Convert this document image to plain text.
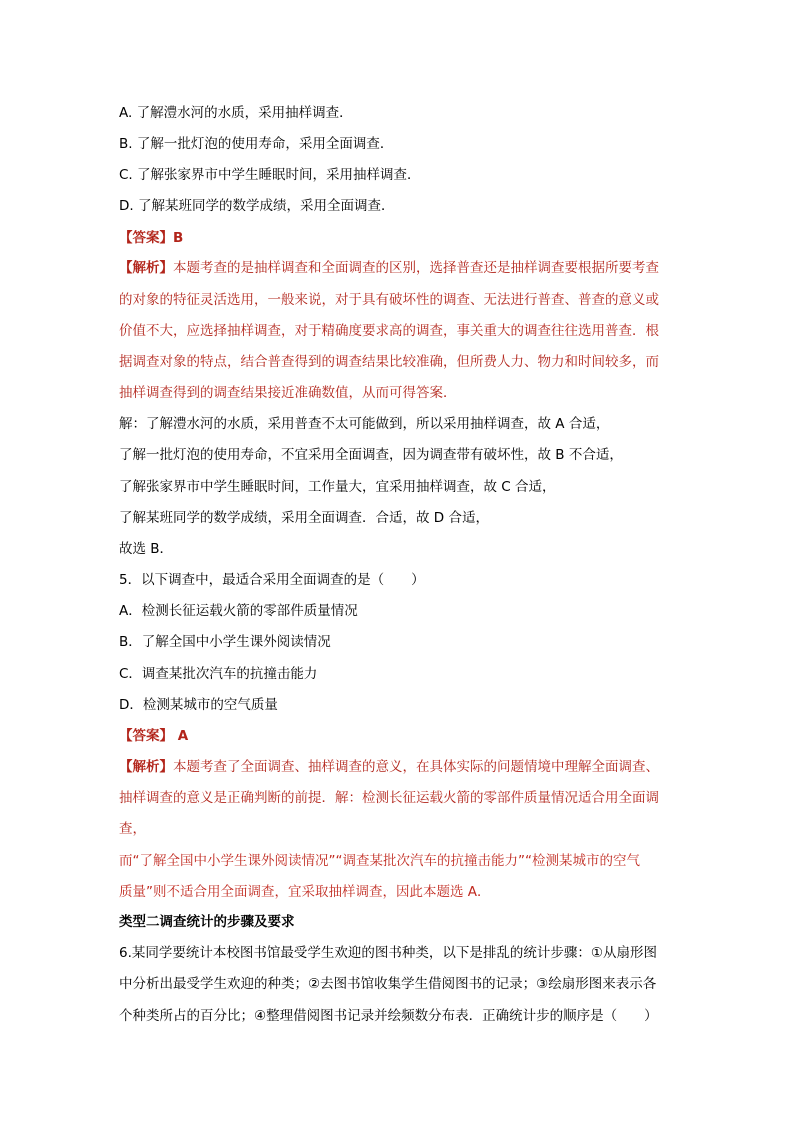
A. 了解澧水河的水质，采用抽样调查．
B. 了解一批灯泡的使用寿命，采用全面调查．
C. 了解张家界市中学生睡眠时间，采用抽样调查．
D. 了解某班同学的数学成绩，采用全面调查．
【答案】B
【解析】本题考查的是抽样调查和全面调查的区别，选择普查还是抽样调查要根据所要考查
的对象的特征灵活选用，一般来说，对于具有破坏性的调查、无法进行普查、普查的意义或
价值不大，应选择抽样调查，对于精确度要求高的调查，事关重大的调查往往选用普查．根
据调查对象的特点，结合普查得到的调查结果比较准确，但所费人力、物力和时间较多，而
抽样调查得到的调查结果接近准确数值，从而可得答案．
解：了解澧水河的水质，采用普查不太可能做到，所以采用抽样调查，故 A 合适，
了解一批灯泡的使用寿命，不宜采用全面调查，因为调查带有破坏性，故 B 不合适，
了解张家界市中学生睡眠时间，工作量大，宜采用抽样调查，故 C 合适，
了解某班同学的数学成绩，采用全面调查．合适，故 D 合适，
故选 B．
5．以下调查中，最适合采用全面调查的是（　　）
A．检测长征运载火箭的零部件质量情况
B．了解全国中小学生课外阅读情况
C．调查某批次汽车的抗撞击能力
D．检测某城市的空气质量
【答案】 A
【解析】本题考查了全面调查、抽样调查的意义，在具体实际的问题情境中理解全面调查、
抽样调查的意义是正确判断的前提．解：检测长征运载火箭的零部件质量情况适合用全面调
查，
而“了解全国中小学生课外阅读情况”“调查某批次汽车的抗撞击能力”“检测某城市的空气
质量”则不适合用全面调查，宜采取抽样调查，因此本题选 A．
类型二调查统计的步骤及要求
6.某同学要统计本校图书馆最受学生欢迎的图书种类，以下是排乱的统计步骤：①从扇形图
中分析出最受学生欢迎的种类；②去图书馆收集学生借阅图书的记录；③绘扇形图来表示各
个种类所占的百分比；④整理借阅图书记录并绘频数分布表．正确统计步的顺序是（　　）
